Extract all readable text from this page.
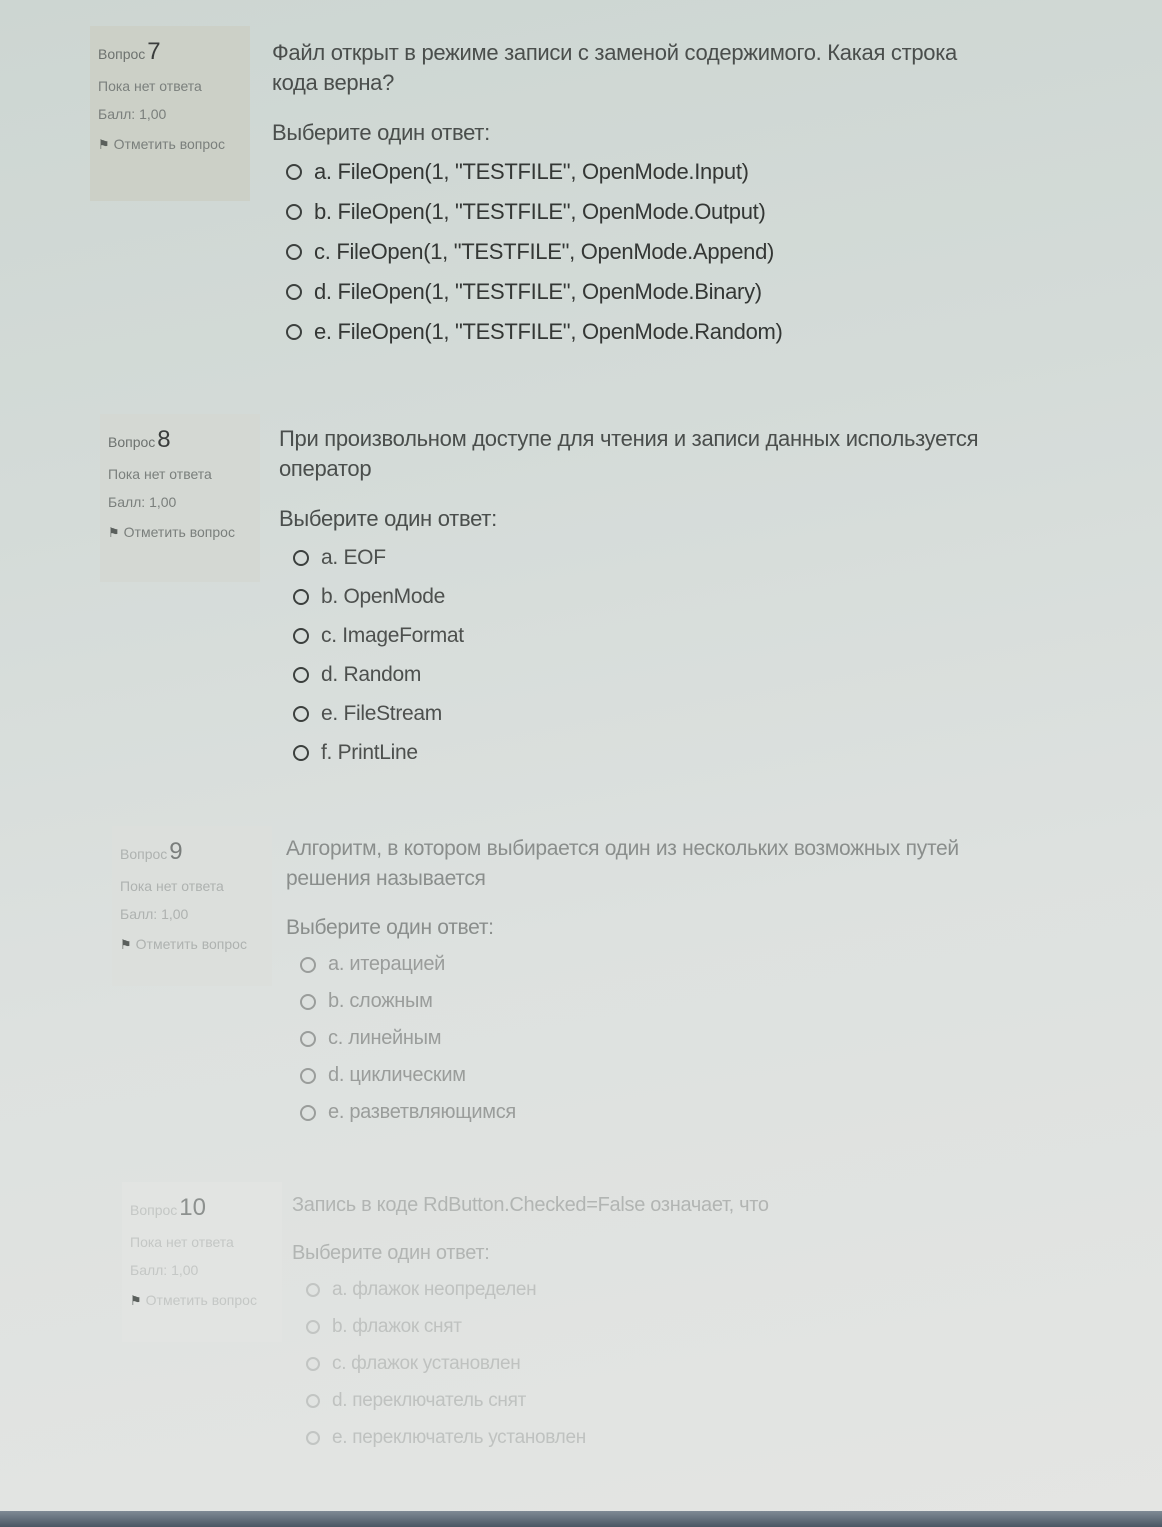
Вопрос7
Пока нет ответа
Балл: 1,00
⚑ Отметить вопрос
Файл открыт в режиме записи с заменой содержимого. Какая строка кода верна?
Выберите один ответ:
a. FileOpen(1, "TESTFILE", OpenMode.Input)
b. FileOpen(1, "TESTFILE", OpenMode.Output)
c. FileOpen(1, "TESTFILE", OpenMode.Append)
d. FileOpen(1, "TESTFILE", OpenMode.Binary)
e. FileOpen(1, "TESTFILE", OpenMode.Random)
Вопрос8
Пока нет ответа
Балл: 1,00
⚑ Отметить вопрос
При произвольном доступе для чтения и записи данных используется оператор
Выберите один ответ:
a. EOF
b. OpenMode
c. ImageFormat
d. Random
e. FileStream
f. PrintLine
Вопрос9
Пока нет ответа
Балл: 1,00
⚑ Отметить вопрос
Алгоритм, в котором выбирается один из нескольких возможных путей решения называется
Выберите один ответ:
a. итерацией
b. сложным
c. линейным
d. циклическим
e. разветвляющимся
Вопрос10
Пока нет ответа
Балл: 1,00
⚑ Отметить вопрос
Запись в коде RdButton.Checked=False означает, что
Выберите один ответ:
a. флажок неопределен
b. флажок снят
c. флажок установлен
d. переключатель снят
e. переключатель установлен
